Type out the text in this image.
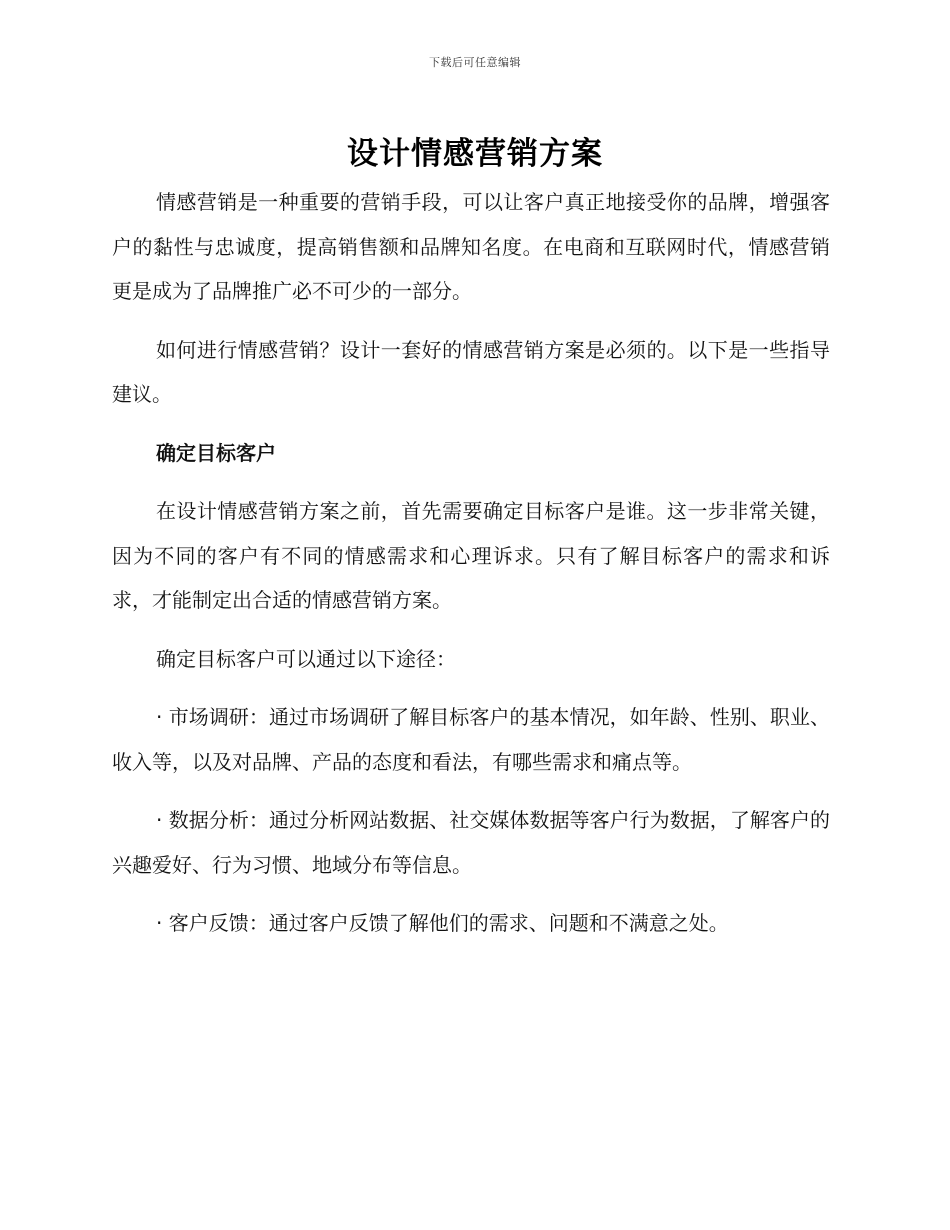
下载后可任意编辑
设计情感营销方案

情感营销是一种重要的营销手段，可以让客户真正地接受你的品牌，增强客户的黏性与忠诚度，提高销售额和品牌知名度。在电商和互联网时代，情感营销更是成为了品牌推广必不可少的一部分。

如何进行情感营销？设计一套好的情感营销方案是必须的。以下是一些指导建议。

确定目标客户

在设计情感营销方案之前，首先需要确定目标客户是谁。这一步非常关键，因为不同的客户有不同的情感需求和心理诉求。只有了解目标客户的需求和诉求，才能制定出合适的情感营销方案。

确定目标客户可以通过以下途径：

· 市场调研：通过市场调研了解目标客户的基本情况，如年龄、性别、职业、收入等，以及对品牌、产品的态度和看法，有哪些需求和痛点等。

· 数据分析：通过分析网站数据、社交媒体数据等客户行为数据，了解客户的兴趣爱好、行为习惯、地域分布等信息。

· 客户反馈：通过客户反馈了解他们的需求、问题和不满意之处。
